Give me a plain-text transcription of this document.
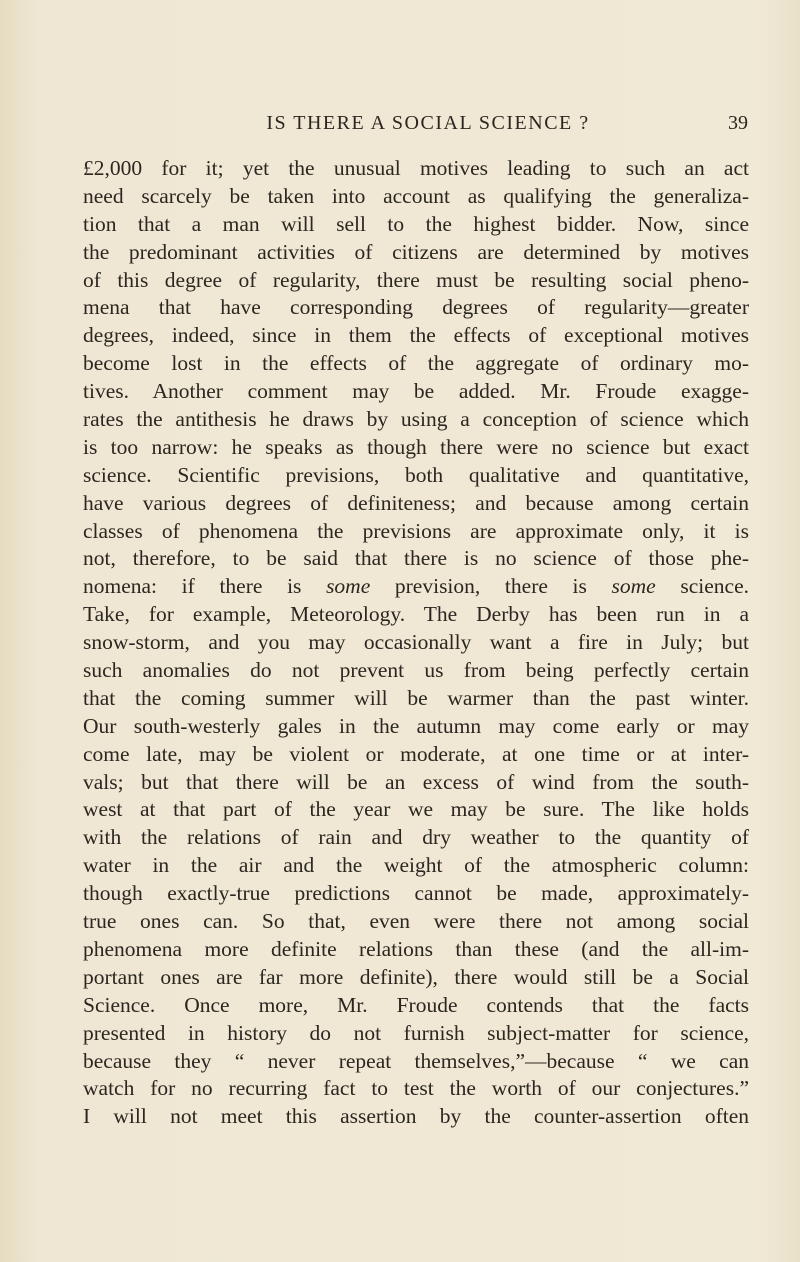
IS THERE A SOCIAL SCIENCE ?	39
£2,000 for it; yet the unusual motives leading to such an act
need scarcely be taken into account as qualifying the generaliza-
tion that a man will sell to the highest bidder. Now, since
the predominant activities of citizens are determined by motives
of this degree of regularity, there must be resulting social pheno-
mena that have corresponding degrees of regularity—greater
degrees, indeed, since in them the effects of exceptional motives
become lost in the effects of the aggregate of ordinary mo-
tives. Another comment may be added. Mr. Froude exagge-
rates the antithesis he draws by using a conception of science which
is too narrow: he speaks as though there were no science but exact
science. Scientific previsions, both qualitative and quantitative,
have various degrees of definiteness; and because among certain
classes of phenomena the previsions are approximate only, it is
not, therefore, to be said that there is no science of those phe-
nomena: if there is some prevision, there is some science.
Take, for example, Meteorology. The Derby has been run in a
snow-storm, and you may occasionally want a fire in July; but
such anomalies do not prevent us from being perfectly certain
that the coming summer will be warmer than the past winter.
Our south-westerly gales in the autumn may come early or may
come late, may be violent or moderate, at one time or at inter-
vals; but that there will be an excess of wind from the south-
west at that part of the year we may be sure. The like holds
with the relations of rain and dry weather to the quantity of
water in the air and the weight of the atmospheric column:
though exactly-true predictions cannot be made, approximately-
true ones can. So that, even were there not among social
phenomena more definite relations than these (and the all-im-
portant ones are far more definite), there would still be a Social
Science. Once more, Mr. Froude contends that the facts
presented in history do not furnish subject-matter for science,
because they “ never repeat themselves,”—because “ we can
watch for no recurring fact to test the worth of our conjectures.”
I will not meet this assertion by the counter-assertion often
